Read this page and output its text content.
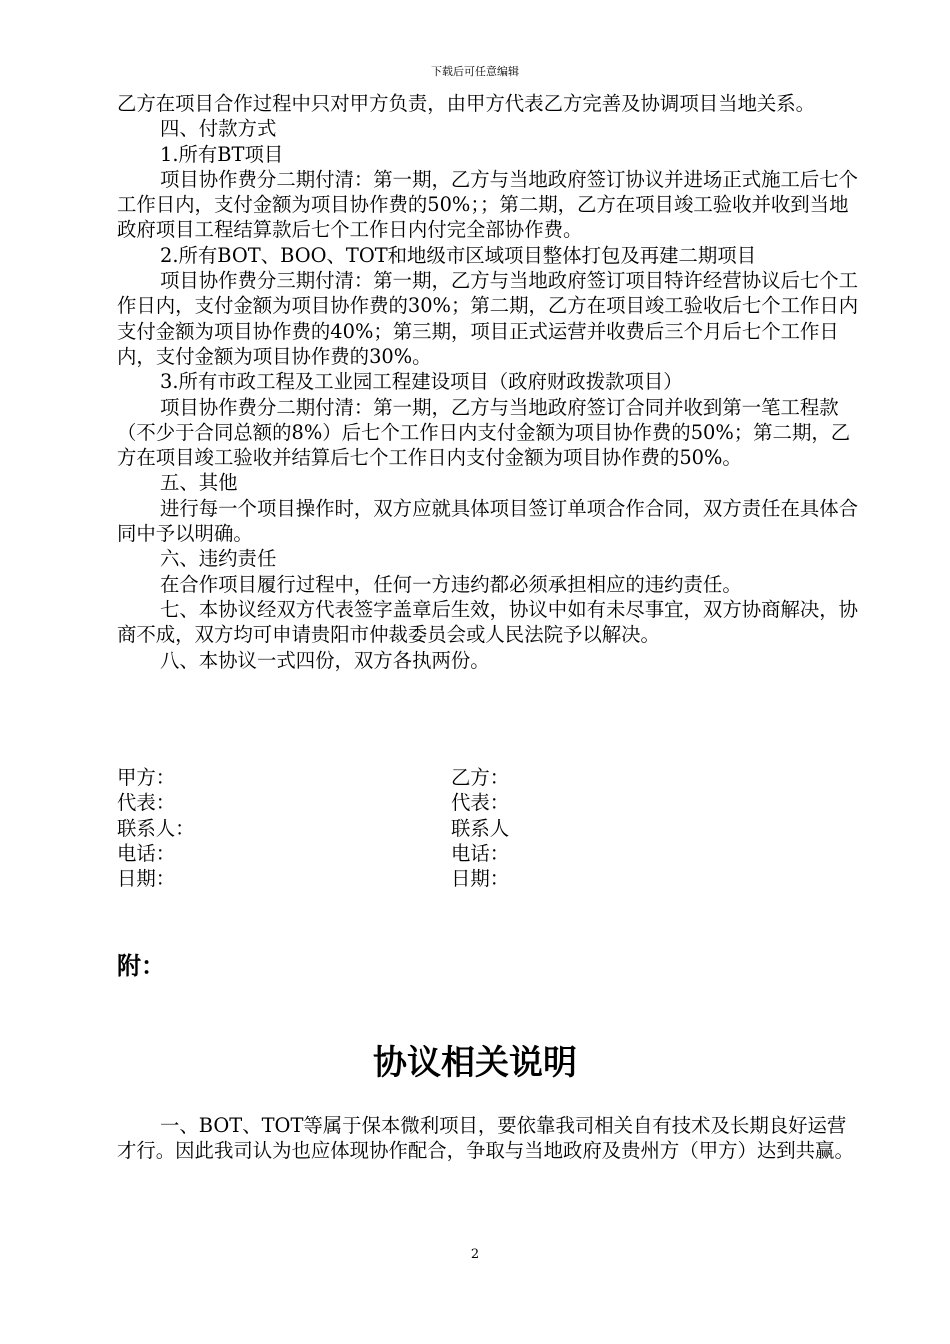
下载后可任意编辑

乙方在项目合作过程中只对甲方负责，由甲方代表乙方完善及协调项目当地关系。

四、付款方式

1.所有BT项目

项目协作费分二期付清：第一期，乙方与当地政府签订协议并进场正式施工后七个工作日内，支付金额为项目协作费的50%；；第二期，乙方在项目竣工验收并收到当地政府项目工程结算款后七个工作日内付完全部协作费。

2.所有BOT、BOO、TOT和地级市区域项目整体打包及再建二期项目

项目协作费分三期付清：第一期，乙方与当地政府签订项目特许经营协议后七个工作日内，支付金额为项目协作费的30%；第二期，乙方在项目竣工验收后七个工作日内支付金额为项目协作费的40%；第三期，项目正式运营并收费后三个月后七个工作日内，支付金额为项目协作费的30%。

3.所有市政工程及工业园工程建设项目（政府财政拨款项目）

项目协作费分二期付清：第一期，乙方与当地政府签订合同并收到第一笔工程款（不少于合同总额的8%）后七个工作日内支付金额为项目协作费的50%；第二期，乙方在项目竣工验收并结算后七个工作日内支付金额为项目协作费的50%。

五、其他

进行每一个项目操作时，双方应就具体项目签订单项合作合同，双方责任在具体合同中予以明确。

六、违约责任

在合作项目履行过程中，任何一方违约都必须承担相应的违约责任。

七、本协议经双方代表签字盖章后生效，协议中如有未尽事宜，双方协商解决，协商不成，双方均可申请贵阳市仲裁委员会或人民法院予以解决。

八、本协议一式四份，双方各执两份。

甲方：	乙方：
代表：	代表：
联系人：	联系人
电话：	电话：
日期：	日期：
附：
协议相关说明

一、BOT、TOT等属于保本微利项目，要依靠我司相关自有技术及长期良好运营才行。因此我司认为也应体现协作配合，争取与当地政府及贵州方（甲方）达到共赢。

2
